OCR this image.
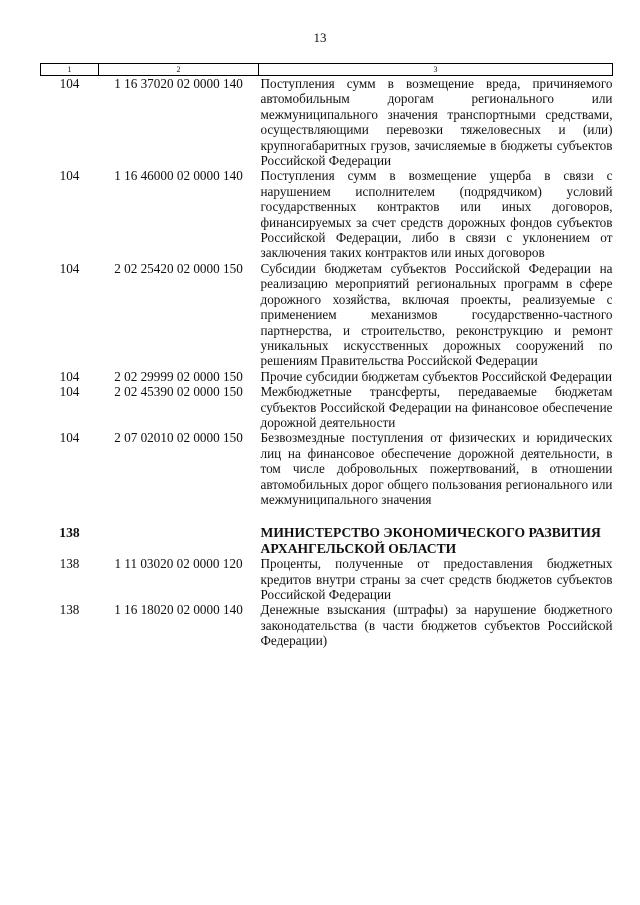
13
1	2	3
104	1 16 37020 02 0000 140	Поступления сумм в возмещение вреда, причиняемого автомобильным дорогам регионального или межмуниципального значения транспортными средствами, осуществляющими перевозки тяжеловесных и (или) крупногабаритных грузов, зачисляемые в бюджеты субъектов Российской Федерации
104	1 16 46000 02 0000 140	Поступления сумм в возмещение ущерба в связи с нарушением исполнителем (подрядчиком) условий государственных контрактов или иных договоров, финансируемых за счет средств дорожных фондов субъектов Российской Федерации, либо в связи с уклонением от заключения таких контрактов или иных договоров
104	2 02 25420 02 0000 150	Субсидии бюджетам субъектов Российской Федерации на реализацию мероприятий региональных программ в сфере дорожного хозяйства, включая проекты, реализуемые с применением механизмов государственно-частного партнерства, и строительство, реконструкцию и ремонт уникальных искусственных дорожных сооружений по решениям Правительства Российской Федерации
104	2 02 29999 02 0000 150	Прочие субсидии бюджетам субъектов Российской Федерации
104	2 02 45390 02 0000 150	Межбюджетные трансферты, передаваемые бюджетам субъектов Российской Федерации на финансовое обеспечение дорожной деятельности
104	2 07 02010 02 0000 150	Безвозмездные поступления от физических и юридических лиц на финансовое обеспечение дорожной деятельности, в том числе добровольных пожертвований, в отношении автомобильных дорог общего пользования регионального или межмуниципального значения
138		МИНИСТЕРСТВО ЭКОНОМИЧЕСКОГО РАЗВИТИЯ АРХАНГЕЛЬСКОЙ ОБЛАСТИ
138	1 11 03020 02 0000 120	Проценты, полученные от предоставления бюджетных кредитов внутри страны за счет средств бюджетов субъектов Российской Федерации
138	1 16 18020 02 0000 140	Денежные взыскания (штрафы) за нарушение бюджетного законодательства (в части бюджетов субъектов Российской Федерации)
